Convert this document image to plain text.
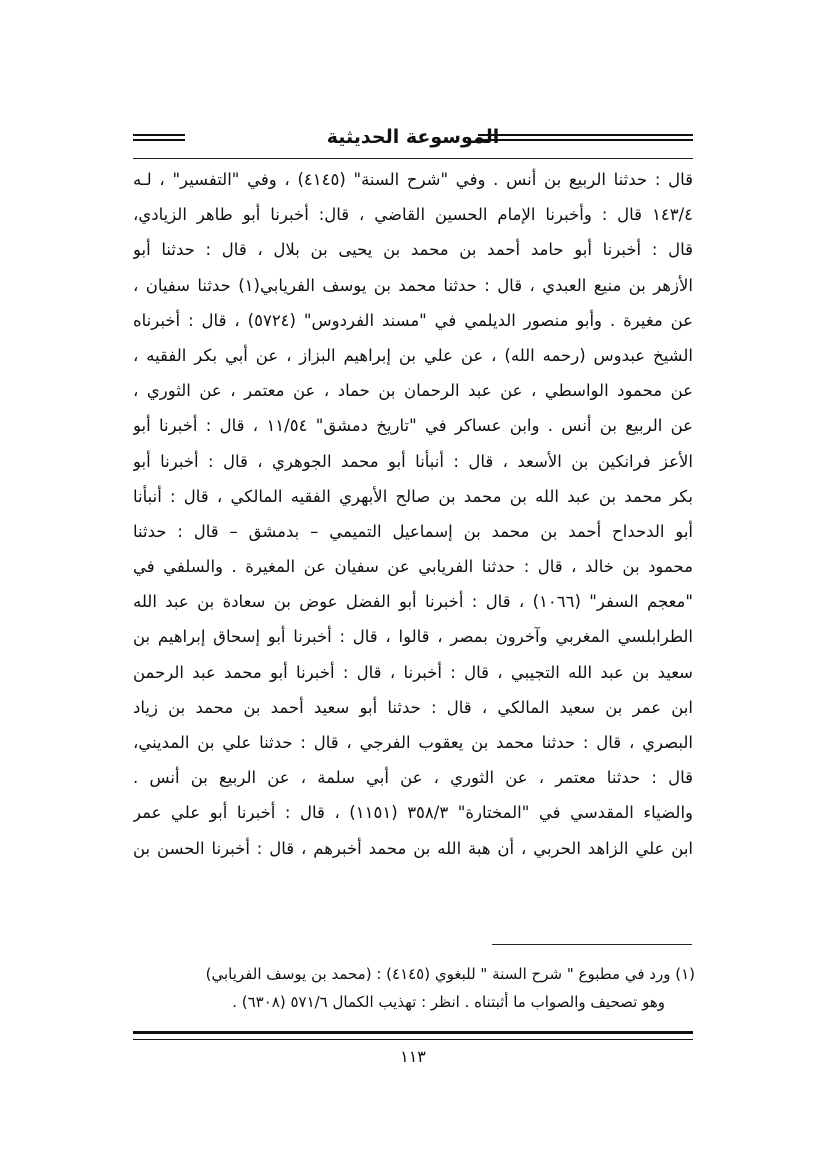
الموسوعة الحديثية
قال : حدثنا الربيع بن أنس . وفي "شرح السنة" (٤١٤٥) ، وفي "التفسير" ، لـه
١٤٣/٤ قال : وأخبرنا الإمام الحسين القاضي ، قال: أخبرنا أبو طاهر الزيادي،
قال : أخبرنا أبو حامد أحمد بن محمد بن يحيى بن بلال ، قال : حدثنا أبو
الأزهر بن منيع العبدي ، قال : حدثنا محمد بن يوسف الفريابي(١) حدثنا سفيان ،
عن مغيرة . وأبو منصور الديلمي في "مسند الفردوس" (٥٧٢٤) ، قال : أخبرناه
الشيخ عبدوس (رحمه الله) ، عن علي بن إبراهيم البزاز ، عن أبي بكر الفقيه ،
عن محمود الواسطي ، عن عبد الرحمان بن حماد ، عن معتمر ، عن الثوري ،
عن الربيع بن أنس . وابن عساكر في "تاريخ دمشق" ١١/٥٤ ، قال : أخبرنا أبو
الأعز فرانكين بن الأسعد ، قال : أنبأنا أبو محمد الجوهري ، قال : أخبرنا أبو
بكر محمد بن عبد الله بن محمد بن صالح الأبهري الفقيه المالكي ، قال : أنبأنا
أبو الدحداح أحمد بن محمد بن إسماعيل التميمي – بدمشق – قال : حدثنا
محمود بن خالد ، قال : حدثنا الفريابي عن سفيان عن المغيرة . والسلفي في
"معجم السفر" (١٠٦٦) ، قال : أخبرنا أبو الفضل عوض بن سعادة بن عبد الله
الطرابلسي المغربي وآخرون بمصر ، قالوا ، قال : أخبرنا أبو إسحاق إبراهيم بن
سعيد بن عبد الله التجيبي ، قال : أخبرنا ، قال : أخبرنا أبو محمد عبد الرحمن
ابن عمر بن سعيد المالكي ، قال : حدثنا أبو سعيد أحمد بن محمد بن زياد
البصري ، قال : حدثنا محمد بن يعقوب الفرجي ، قال : حدثنا علي بن المديني،
قال : حدثنا معتمر ، عن الثوري ، عن أبي سلمة ، عن الربيع بن أنس .
والضياء المقدسي في "المختارة" ٣٥٨/٣ (١١٥١) ، قال : أخبرنا أبو علي عمر
ابن علي الزاهد الحربي ، أن هبة الله بن محمد أخبرهم ، قال : أخبرنا الحسن بن
(١) ورد في مطبوع " شرح السنة " للبغوي (٤١٤٥) : (محمد بن يوسف الفريابي)
وهو تصحيف والصواب ما أثبتناه . انظر : تهذيب الكمال ٥٧١/٦ (٦٣٠٨) .
١١٣
